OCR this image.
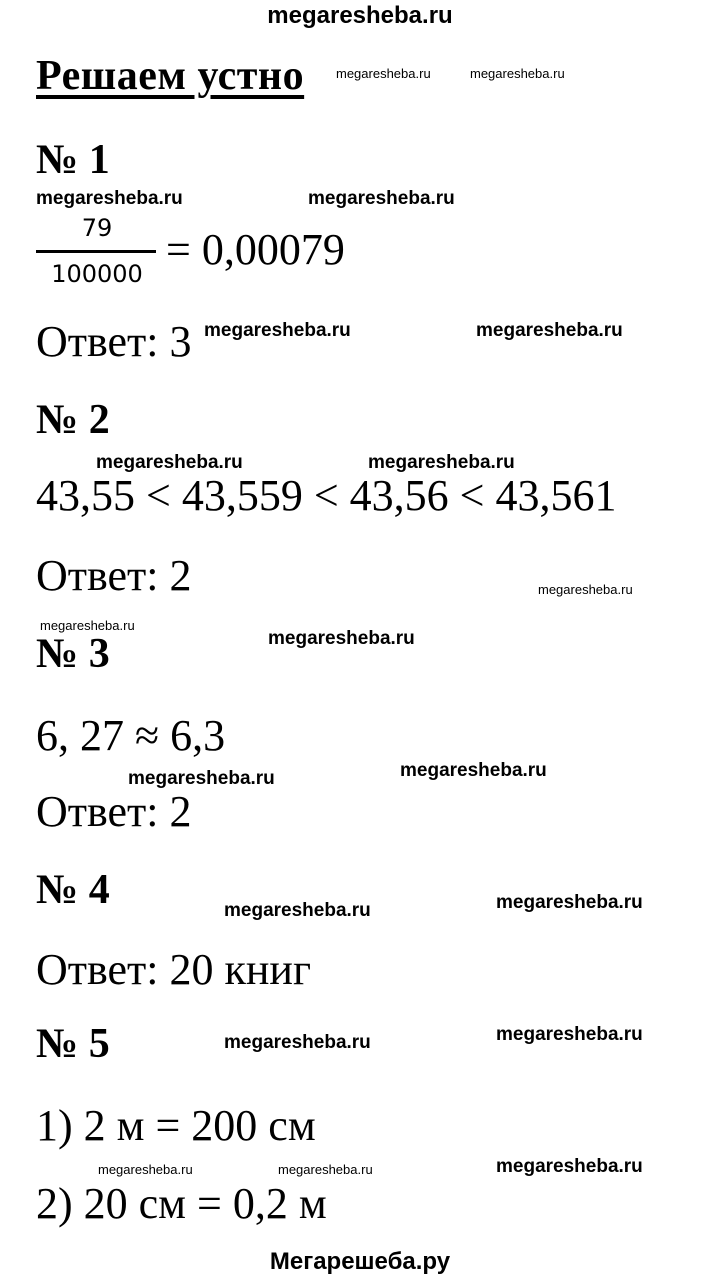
megaresheba.ru
Мегарешеба.ру
Решаем устно
№ 1
79
100000 = 0,00079
Ответ: 3
№ 2
43,55 < 43,559 < 43,56 < 43,561
Ответ: 2
№ 3
6, 27 ≈ 6,3
Ответ: 2
№ 4
Ответ: 20 книг
№ 5
1) 2 м = 200 см
2) 20 см = 0,2 м
megaresheba.ru	megaresheba.ru
megaresheba.ru	megaresheba.ru
megaresheba.ru	megaresheba.ru
megaresheba.ru	megaresheba.ru
megaresheba.ru
megaresheba.ru
megaresheba.ru
megaresheba.ru	megaresheba.ru
megaresheba.ru	megaresheba.ru
megaresheba.ru	megaresheba.ru
megaresheba.ru	megaresheba.ru	megaresheba.ru
